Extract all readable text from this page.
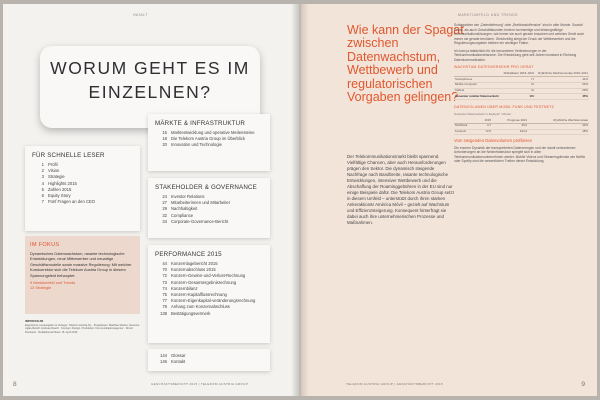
INHALT
WORUM GEHT ES IM EINZELNEN?
FÜR SCHNELLE LESER
1 Profil
2 Vision
3 Strategie
4 Highlights 2015
5 Zahlen 2015
6 Equity Story
7 Fünf Fragen an den CEO
MÄRKTE & INFRASTRUKTUR
15 Marktentwicklung und operative Meilensteine
18 Die Telekom Austria Group im Überblick
20 Innovation und Technologie
STAKEHOLDER & GOVERNANCE
24 Investor Relations
27 Mitarbeiterinnen und Mitarbeiter
29 Nachhaltigkeit
32 Compliance
34 Corporate-Governance-Bericht
PERFORMANCE 2015
44 Konzernlagebericht 2015
70 Konzernabschluss 2015
72 Konzern-Gewinn-und-Verlust-Rechnung
73 Konzern-Gesamtergebnisrechnung
74 Konzernbilanz
75 Konzern-Kapitalflussrechnung
77 Konzern-Eigenkapital-veränderungsrechnung
78 Anhang zum Konzernabschluss
138 Bestätigungsvermerk
144 Glossar
146 Kontakt
IM FOKUS
Dynamisches Datenwachstum, rasante technologische Entwicklungen, neue Mitbewerber und neuartige Geschäftsmodelle sowie massive Regulierung: Mit welcher Kurskorrektur sich die Telekom Austria Group in diesem Spannungsfeld behauptet.
9 Marktumfeld und Trends
13 Strategie
IMPRESSUM
Eigentümer, Herausgeber & Verleger: Telekom Austria AG · Projektteam: Matthias Stieber, Susanne Aglas-Reindl, Andreas Rauch · Konzept, Design, Produktion: Kommunikationsagentur · Druck: Druckerei · Redaktionsschluss: 15. April 2016
8	GESCHÄFTSBERICHT 2015 | TELEKOM AUSTRIA GROUP
MARKTUMFELD UND TRENDS
Wie kann der Spagat zwischen Datenwachstum, Wettbewerb und regulatorischen Vorgaben gelingen?
Der Telekommunikationsmarkt bleibt spannend. Vielfältige Chancen, aber auch Herausforderungen prägen den Sektor. Die dynamisch steigende Nachfrage nach Bandbreite, rasante technologische Entwicklungen, intensiver Wettbewerb und die Abschaffung der Roaminggebühren in der EU sind nur einige Beispiele dafür. Die Telekom Austria Group setzt in diesem Umfeld – unterstützt durch ihren starken Ankeraktionär América Móvil – gezielt auf Wachstum und Effizienzsteigerung. Konsequent hinterfragt sie dabei auch ihre unternehmerischen Prozesse und Maßnahmen.

Schlagwörter wie „Datenlieferung" oder „Breitbandoffensive" sind in aller Munde. Sowohl Privat- als auch Geschäftskunden fordern hochwertige und leistungsfähige Kommunikationslösungen, wie immer sie auch gerade brauchen und welches Gerät auch immer sie gerade benützen. Gleichzeitig steigt der Druck der Wettbewerber und die Regulierungsvorgaben bleiben ein wichtiger Faktor.

Ich kam ja tatsächlich für die besonderen Veränderungen in der Telekommunikationsbranche. Die Entwicklung geht seit Jahren konstant in Richtung Datenkommunikation.

WACHSTUM DATENVERKEHR PRO GERÄT
	Multiplikator 2015–2021	Ø jährliche Wachstumsrate 2015–2021
Smartphones	7×	41%
Mobile Computer	3×	22%
Tablets	4×	29%
Gesamter mobiler Datenverkehr	10×	45%
DATENVOLUMEN ÜBER MOBIL FUNK UND FESTNETZ
Gesamter Datenverkehr in Exabyte* / Monat
	2015	Prognose 2021	Ø jährliche Wachstumsrate
Mobilfunk	3,7	30,6	42%
Festnetz	72,5	194,4	18%
Vom steigenden Datenvolumen profitieren

Die enorme Dynamik der transportierten Datenmengen und der damit verbundenen Anforderungen an die Netzinfrastruktur spiegelt sich in allen Telekommunikationsunternehmen wieder. Mobile Videos und Streamingdienste wie Netflix oder Spotify sind die wesentlichen Treiber dieser Entwicklung.

TELEKOM AUSTRIA GROUP | GESCHÄFTSBERICHT 2015	9
